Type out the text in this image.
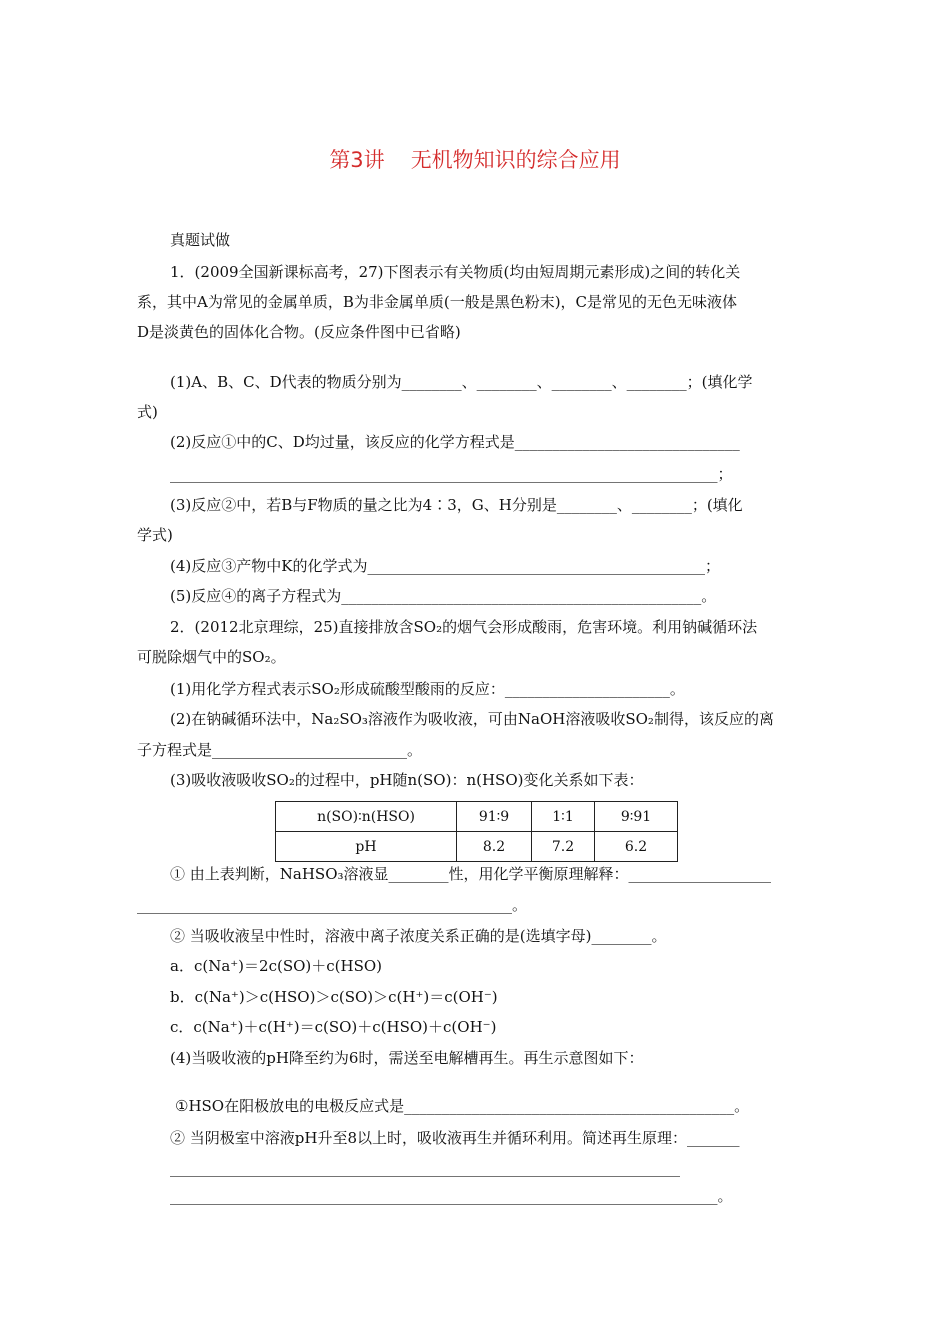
第3讲 无机物知识的综合应用
真题试做
1．(2009全国新课标高考，27)下图表示有关物质(均由短周期元素形成)之间的转化关
系，其中A为常见的金属单质，B为非金属单质(一般是黑色粉末)，C是常见的无色无味液体
D是淡黄色的固体化合物。(反应条件图中已省略)
(1)A、B、C、D代表的物质分别为________、________、________、________；(填化学
式)
(2)反应①中的C、D均过量，该反应的化学方程式是______________________________
_________________________________________________________________________；
(3)反应②中，若B与F物质的量之比为4∶3，G、H分别是________、________；(填化
学式)
(4)反应③产物中K的化学式为_____________________________________________；
(5)反应④的离子方程式为________________________________________________。
2．(2012北京理综，25)直接排放含SO₂的烟气会形成酸雨，危害环境。利用钠碱循环法
可脱除烟气中的SO₂。
(1)用化学方程式表示SO₂形成硫酸型酸雨的反应：______________________。
(2)在钠碱循环法中，Na₂SO₃溶液作为吸收液，可由NaOH溶液吸收SO₂制得，该反应的离
子方程式是__________________________。
(3)吸收液吸收SO₂的过程中，pH随n(SO)：n(HSO)变化关系如下表：
n(SO)∶n(HSO)	91∶9	1∶1	9∶91
pH	8.2	7.2	6.2
① 由上表判断，NaHSO₃溶液显________性，用化学平衡原理解释：___________________
__________________________________________________。
② 当吸收液呈中性时，溶液中离子浓度关系正确的是(选填字母)________。
a．c(Na⁺)＝2c(SO)＋c(HSO)
b．c(Na⁺)＞c(HSO)＞c(SO)＞c(H⁺)＝c(OH⁻)
c．c(Na⁺)＋c(H⁺)＝c(SO)＋c(HSO)＋c(OH⁻)
(4)当吸收液的pH降至约为6时，需送至电解槽再生。再生示意图如下：
①HSO在阳极放电的电极反应式是____________________________________________。
② 当阴极室中溶液pH升至8以上时，吸收液再生并循环利用。简述再生原理：_______
____________________________________________________________________
_________________________________________________________________________。
